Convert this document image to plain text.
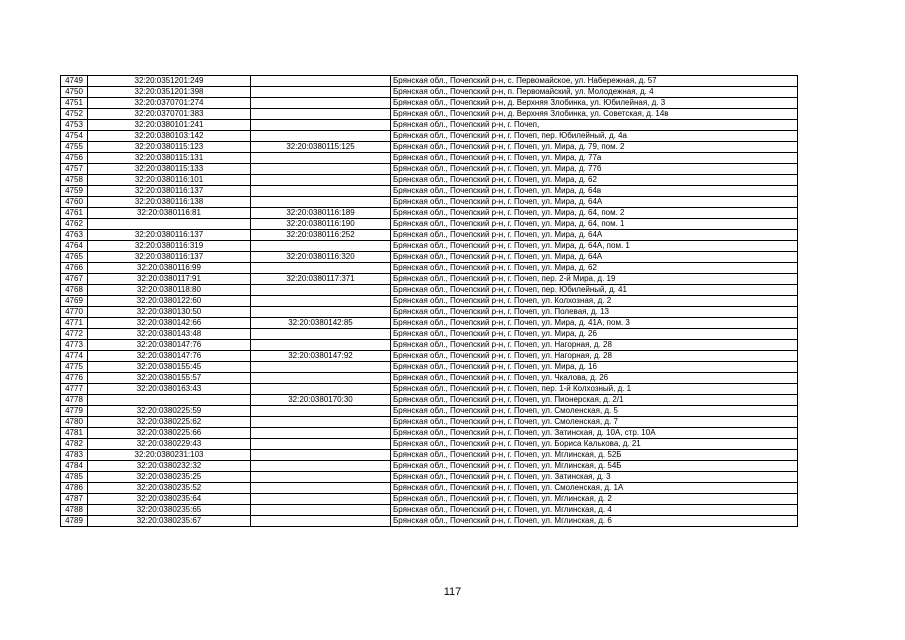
4749	32:20:0351201:249		Брянская обл., Почепский р-н, с. Первомайское, ул. Набережная, д. 57
4750	32:20:0351201:398		Брянская обл., Почепский р-н, п. Первомайский, ул. Молодежная, д. 4
4751	32:20:0370701:274		Брянская обл., Почепский р-н, д. Верхняя Злобинка, ул. Юбилейная, д. 3
4752	32:20:0370701:383		Брянская обл., Почепский р-н, д. Верхняя Злобинка, ул. Советская, д. 14в
4753	32:20:0380101:241		Брянская обл., Почепский р-н, г. Почеп,
4754	32:20:0380103:142		Брянская обл., Почепский р-н, г. Почеп, пер. Юбилейный, д. 4а
4755	32:20:0380115:123	32:20:0380115:125	Брянская обл., Почепский р-н, г. Почеп, ул. Мира, д. 79, пом. 2
4756	32:20:0380115:131		Брянская обл., Почепский р-н, г. Почеп, ул. Мира, д. 77а
4757	32:20:0380115:133		Брянская обл., Почепский р-н, г. Почеп, ул. Мира, д. 77б
4758	32:20:0380116:101		Брянская обл., Почепский р-н, г. Почеп, ул. Мира, д. 62
4759	32:20:0380116:137		Брянская обл., Почепский р-н, г. Почеп, ул. Мира, д. 64в
4760	32:20:0380116:138		Брянская обл., Почепский р-н, г. Почеп, ул. Мира, д. 64А
4761	32:20:0380116:81	32:20:0380116:189	Брянская обл., Почепский р-н, г. Почеп, ул. Мира, д. 64, пом. 2
4762		32:20:0380116:190	Брянская обл., Почепский р-н, г. Почеп, ул. Мира, д. 64, пом. 1
4763	32:20:0380116:137	32:20:0380116:252	Брянская обл., Почепский р-н, г. Почеп, ул. Мира, д. 64А
4764	32:20:0380116:319		Брянская обл., Почепский р-н, г. Почеп, ул. Мира, д. 64А, пом. 1
4765	32:20:0380116:137	32:20:0380116:320	Брянская обл., Почепский р-н, г. Почеп, ул. Мира, д. 64А
4766	32:20:0380116:99		Брянская обл., Почепский р-н, г. Почеп, ул. Мира, д. 62
4767	32:20:0380117:91	32:20:0380117:371	Брянская обл., Почепский р-н, г. Почеп, пер. 2-й Мира, д. 19
4768	32:20:0380118:80		Брянская обл., Почепский р-н, г. Почеп, пер. Юбилейный, д. 41
4769	32:20:0380122:60		Брянская обл., Почепский р-н, г. Почеп, ул. Колхозная, д. 2
4770	32:20:0380130:50		Брянская обл., Почепский р-н, г. Почеп, ул. Полевая, д. 13
4771	32:20:0380142:66	32:20:0380142:85	Брянская обл., Почепский р-н, г. Почеп, ул. Мира, д. 41А, пом. 3
4772	32:20:0380143:48		Брянская обл., Почепский р-н, г. Почеп, ул. Мира, д. 26
4773	32:20:0380147:76		Брянская обл., Почепский р-н, г. Почеп, ул. Нагорная, д. 28
4774	32:20:0380147:76	32:20:0380147:92	Брянская обл., Почепский р-н, г. Почеп, ул. Нагорная, д. 28
4775	32:20:0380155:45		Брянская обл., Почепский р-н, г. Почеп, ул. Мира, д. 16
4776	32:20:0380155:57		Брянская обл., Почепский р-н, г. Почеп, ул. Чкалова, д. 26
4777	32:20:0380163:43		Брянская обл., Почепский р-н, г. Почеп, пер. 1-й Колхозный, д. 1
4778		32:20:0380170:30	Брянская обл., Почепский р-н, г. Почеп, ул. Пионерская, д. 2/1
4779	32:20:0380225:59		Брянская обл., Почепский р-н, г. Почеп, ул. Смоленская, д. 5
4780	32:20:0380225:62		Брянская обл., Почепский р-н, г. Почеп, ул. Смоленская, д. 7
4781	32:20:0380225:66		Брянская обл., Почепский р-н, г. Почеп, ул. Затинская, д. 10А, стр. 10А
4782	32:20:0380229:43		Брянская обл., Почепский р-н, г. Почеп, ул. Бориса Калькова, д. 21
4783	32:20:0380231:103		Брянская обл., Почепский р-н, г. Почеп, ул. Мглинская, д. 52Б
4784	32:20:0380232:32		Брянская обл., Почепский р-н, г. Почеп, ул. Мглинская, д. 54Б
4785	32:20:0380235:25		Брянская обл., Почепский р-н, г. Почеп, ул. Затинская, д. 3
4786	32:20:0380235:52		Брянская обл., Почепский р-н, г. Почеп, ул. Смоленская, д. 1А
4787	32:20:0380235:64		Брянская обл., Почепский р-н, г. Почеп, ул. Мглинская, д. 2
4788	32:20:0380235:65		Брянская обл., Почепский р-н, г. Почеп, ул. Мглинская, д. 4
4789	32:20:0380235:67		Брянская обл., Почепский р-н, г. Почеп, ул. Мглинская, д. 6
117
